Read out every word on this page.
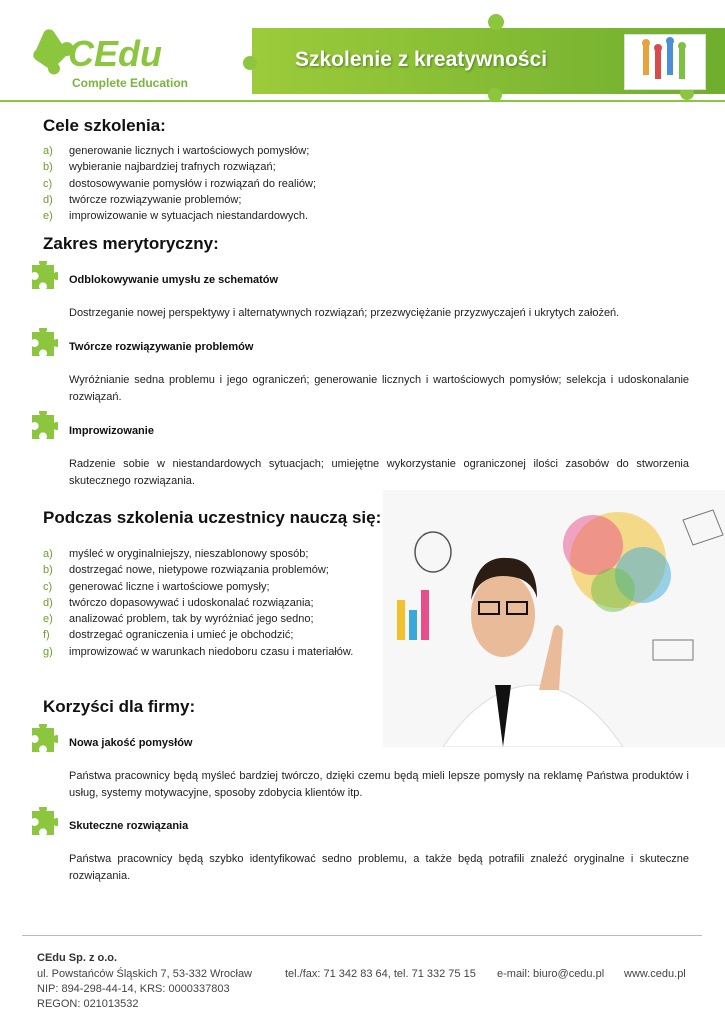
CEdu
Complete Education
Szkolenie z kreatywności
Cele szkolenia:
a)	generowanie licznych i wartościowych pomysłów;
b)	wybieranie najbardziej trafnych rozwiązań;
c)	dostosowywanie pomysłów i rozwiązań do realiów;
d)	twórcze rozwiązywanie problemów;
e)	improwizowanie w sytuacjach niestandardowych.
Zakres merytoryczny:
Odblokowywanie umysłu ze schematów
Dostrzeganie nowej perspektywy i alternatywnych rozwiązań; przezwyciężanie przyzwyczajeń i ukrytych założeń.
Twórcze rozwiązywanie problemów
Wyróżnianie sedna problemu i jego ograniczeń; generowanie licznych i wartościowych pomysłów; selekcja i udoskonalanie rozwiązań.
Improwizowanie
Radzenie sobie w niestandardowych sytuacjach; umiejętne wykorzystanie ograniczonej ilości zasobów do stworzenia skutecznego rozwiązania.
Podczas szkolenia uczestnicy nauczą się:
a)	myśleć w oryginalniejszy, nieszablonowy sposób;
b)	dostrzegać nowe, nietypowe rozwiązania problemów;
c)	generować liczne i wartościowe pomysły;
d)	twórczo dopasowywać i udoskonalać rozwiązania;
e)	analizować problem, tak by wyróżniać jego sedno;
f)	dostrzegać ograniczenia i umieć je obchodzić;
g)	improwizować w warunkach niedoboru czasu i materiałów.
Korzyści dla firmy:
Nowa jakość pomysłów
Państwa pracownicy będą myśleć bardziej twórczo, dzięki czemu będą mieli lepsze pomysły na reklamę Państwa produktów i usług, systemy motywacyjne, sposoby zdobycia klientów itp.
Skuteczne rozwiązania
Państwa pracownicy będą szybko identyfikować sedno problemu, a także będą potrafili znaleźć oryginalne i skuteczne rozwiązania.
CEdu Sp. z o.o.
ul. Powstańców Śląskich 7, 53-332 Wrocław
NIP: 894-298-44-14, KRS: 0000337803
REGON: 021013532
tel./fax: 71 342 83 64, tel. 71 332 75 15 e-mail: biuro@cedu.pl www.cedu.pl
